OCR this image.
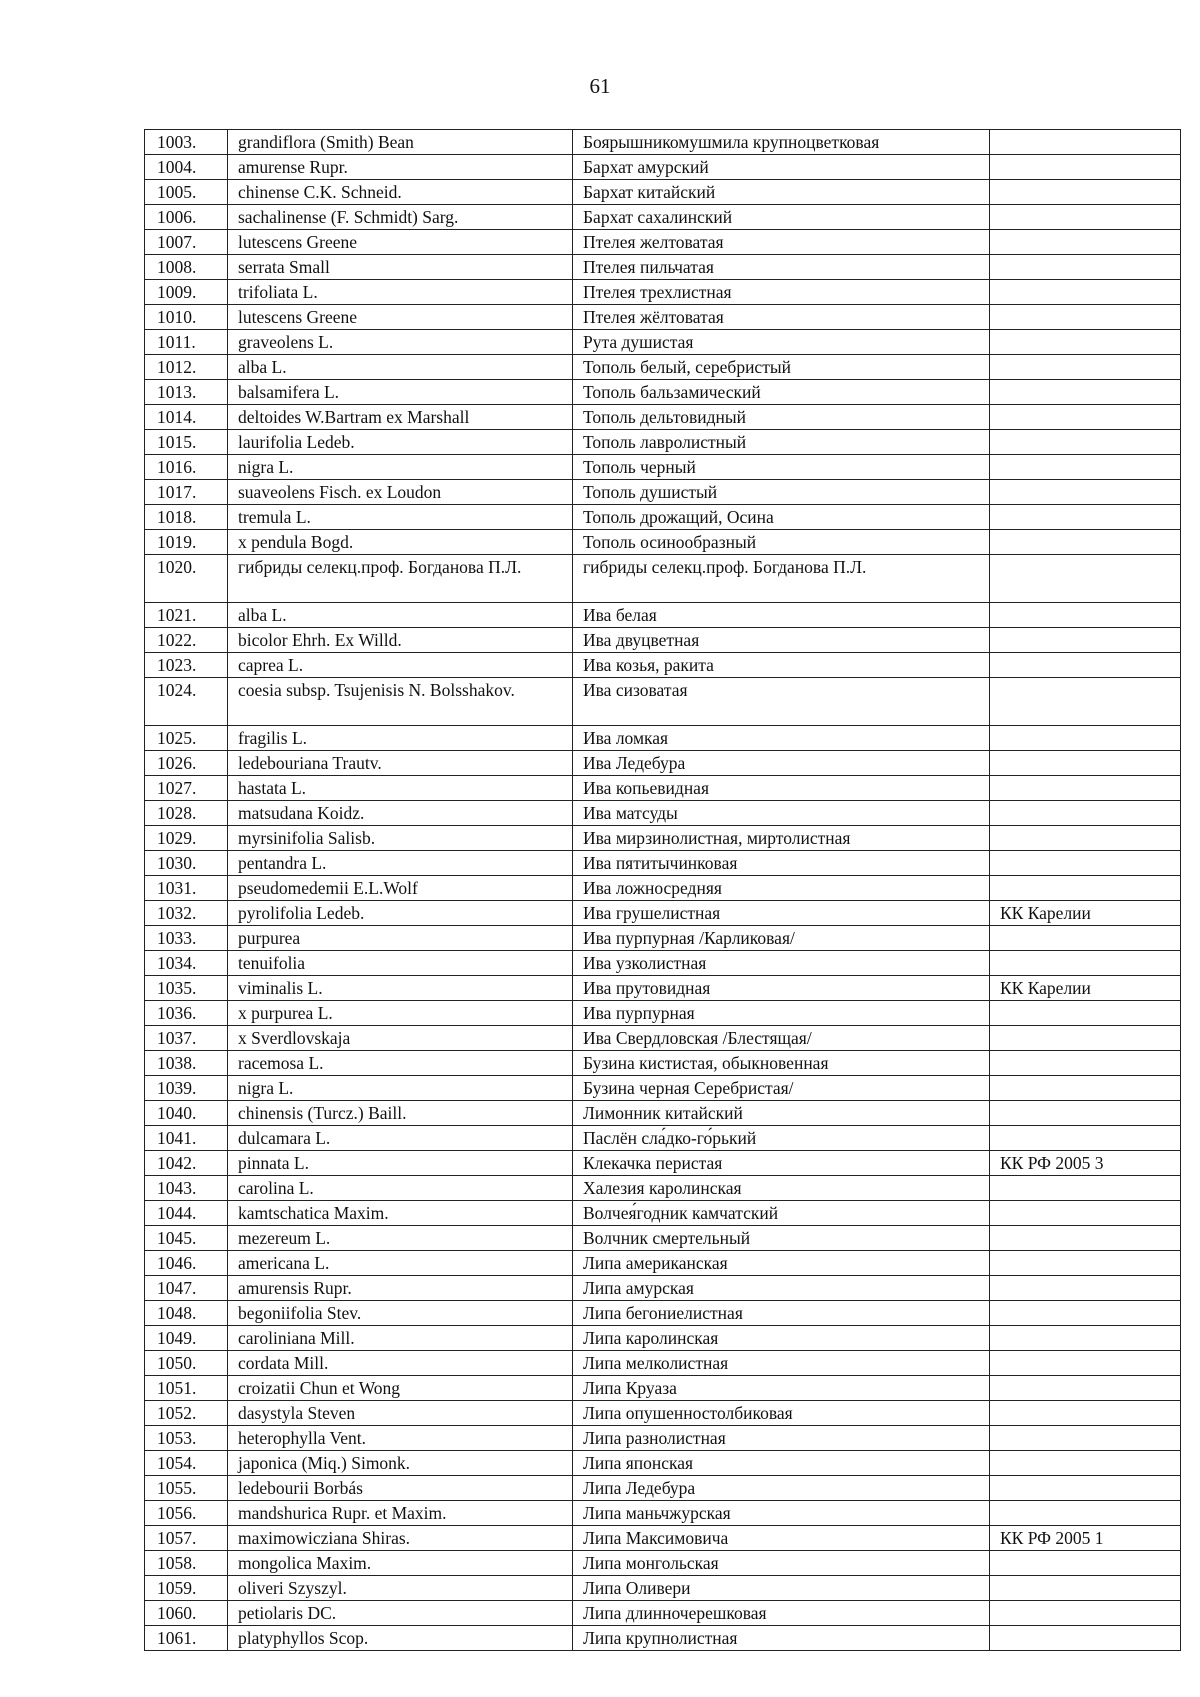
61
1003.	grandiflora (Smith) Bean	Боярышникомушмила крупноцветковая	
1004.	amurense Rupr.	Бархат амурский	
1005.	chinense C.K. Schneid.	Бархат китайский	
1006.	sachalinense (F. Schmidt) Sarg.	Бархат сахалинский	
1007.	lutescens Greene	Птелея желтоватая	
1008.	serrata Small	Птелея пильчатая	
1009.	trifoliata L.	Птелея трехлистная	
1010.	lutescens Greene	Птелея жёлтоватая	
1011.	graveolens L.	Рута душистая	
1012.	alba L.	Тополь белый, серебристый	
1013.	balsamifera L.	Тополь бальзамический	
1014.	deltoides W.Bartram ex Marshall	Тополь дельтовидный	
1015.	laurifolia Ledeb.	Тополь лавролистный	
1016.	nigra L.	Тополь черный	
1017.	suaveolens Fisch. ex Loudon	Тополь душистый	
1018.	tremula L.	Тополь дрожащий, Осина	
1019.	x pendula Bogd.	Тополь осинообразный	
1020.	гибриды селекц.проф. Богданова П.Л.	гибриды селекц.проф. Богданова П.Л.	
1021.	alba L.	Ива белая	
1022.	bicolor Ehrh. Ex Willd.	Ива двуцветная	
1023.	caprea L.	Ива козья, ракита	
1024.	coesia subsp. Tsujenisis N. Bolsshakov.	Ива сизоватая	
1025.	fragilis L.	Ива ломкая	
1026.	ledebouriana Trautv.	Ива Ледебура	
1027.	hastata L.	Ива копьевидная	
1028.	matsudana Koidz.	Ива матсуды	
1029.	myrsinifolia Salisb.	Ива мирзинолистная, миртолистная	
1030.	pentandra L.	Ива пятитычинковая	
1031.	pseudomedemii E.L.Wolf	Ива ложносредняя	
1032.	pyrolifolia Ledeb.	Ива грушелистная	КК Карелии
1033.	purpurea	Ива пурпурная /Карликовая/	
1034.	tenuifolia	Ива узколистная	
1035.	viminalis L.	Ива прутовидная	КК Карелии
1036.	x purpurea L.	Ива пурпурная	
1037.	x Sverdlovskaja	Ива Свердловская /Блестящая/	
1038.	racemosa L.	Бузина кистистая, обыкновенная	
1039.	nigra L.	Бузина черная Серебристая/	
1040.	chinensis (Turcz.) Baill.	Лимонник китайский	
1041.	dulcamara L.	Паслён сла́дко-го́рький	
1042.	pinnata L.	Клекачка перистая	КК РФ 2005 3
1043.	carolina L.	Халезия каролинская	
1044.	kamtschatica Maxim.	Волчея́годник камчатский	
1045.	mezereum L.	Волчник смертельный	
1046.	americana L.	Липа американская	
1047.	amurensis Rupr.	Липа амурская	
1048.	begoniifolia Stev.	Липа бегониелистная	
1049.	caroliniana Mill.	Липа каролинская	
1050.	cordata Mill.	Липа мелколистная	
1051.	croizatii Chun et Wong	Липа Круаза	
1052.	dasystyla Steven	Липа опушенностолбиковая	
1053.	heterophylla Vent.	Липа разнолистная	
1054.	japonica (Miq.) Simonk.	Липа японская	
1055.	ledebourii Borbás	Липа Ледебура	
1056.	mandshurica Rupr. et Maxim.	Липа маньчжурская	
1057.	maximowicziana Shiras.	Липа Максимовича	КК РФ 2005 1
1058.	mongolica Maxim.	Липа монгольская	
1059.	oliveri Szyszyl.	Липа Оливери	
1060.	petiolaris DC.	Липа длинночерешковая	
1061.	platyphyllos Scop.	Липа крупнолистная	
